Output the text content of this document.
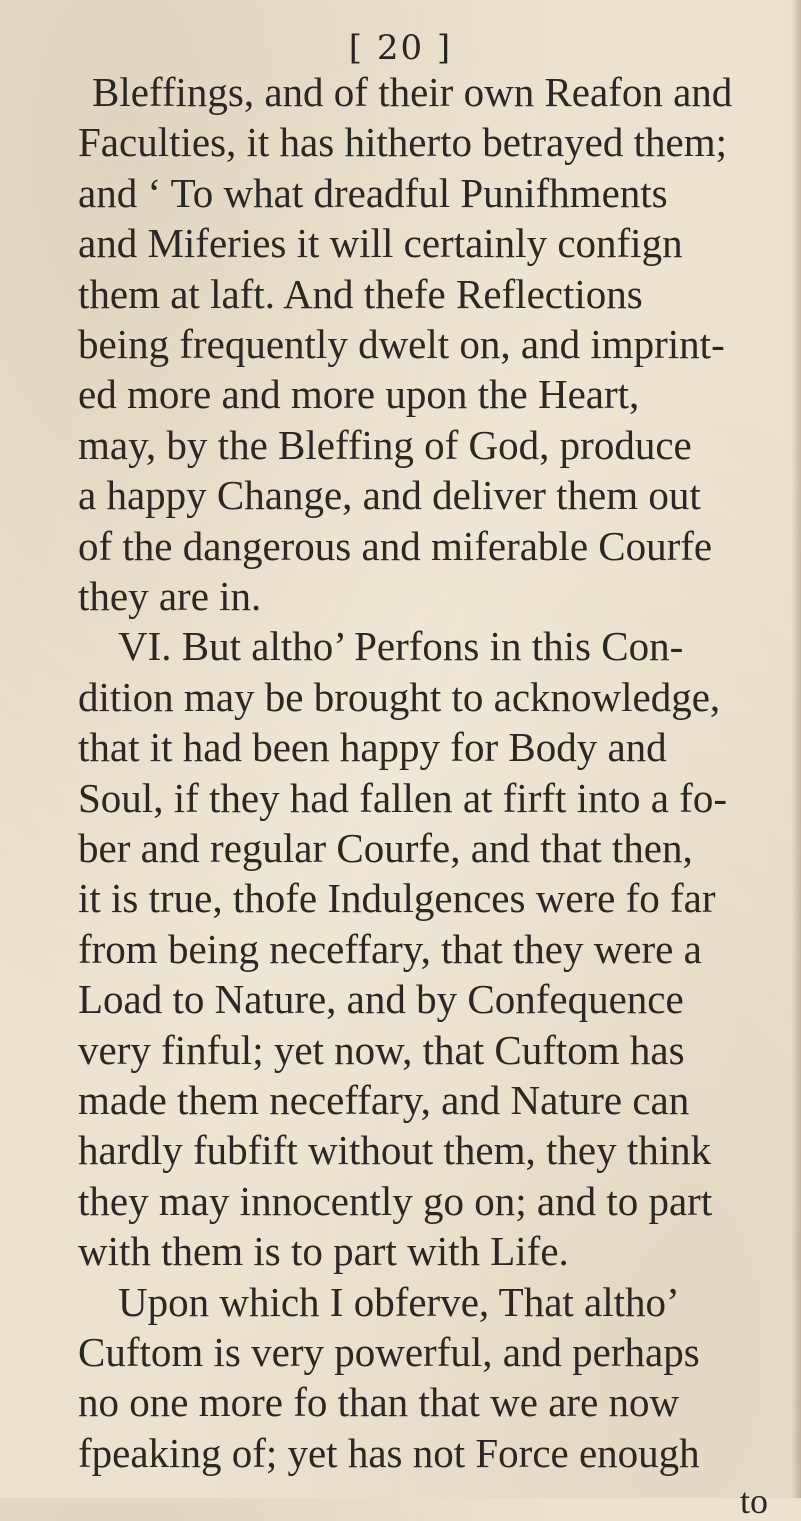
[ 20 ]
Bleffings, and of their own Reafon and
Faculties, it has hitherto betrayed them;
and ‘ To what dreadful Punifhments
and Miferies it will certainly confign
them at laft. And thefe Reflections
being frequently dwelt on, and imprint-
ed more and more upon the Heart,
may, by the Bleffing of God, produce
a happy Change, and deliver them out
of the dangerous and miferable Courfe
they are in.
VI. But altho’ Perfons in this Con-
dition may be brought to acknowledge,
that it had been happy for Body and
Soul, if they had fallen at firft into a fo-
ber and regular Courfe, and that then,
it is true, thofe Indulgences were fo far
from being neceffary, that they were a
Load to Nature, and by Confequence
very finful; yet now, that Cuftom has
made them neceffary, and Nature can
hardly fubfift without them, they think
they may innocently go on; and to part
with them is to part with Life.
Upon which I obferve, That altho’
Cuftom is very powerful, and perhaps
no one more fo than that we are now
fpeaking of; yet has not Force enough
to
